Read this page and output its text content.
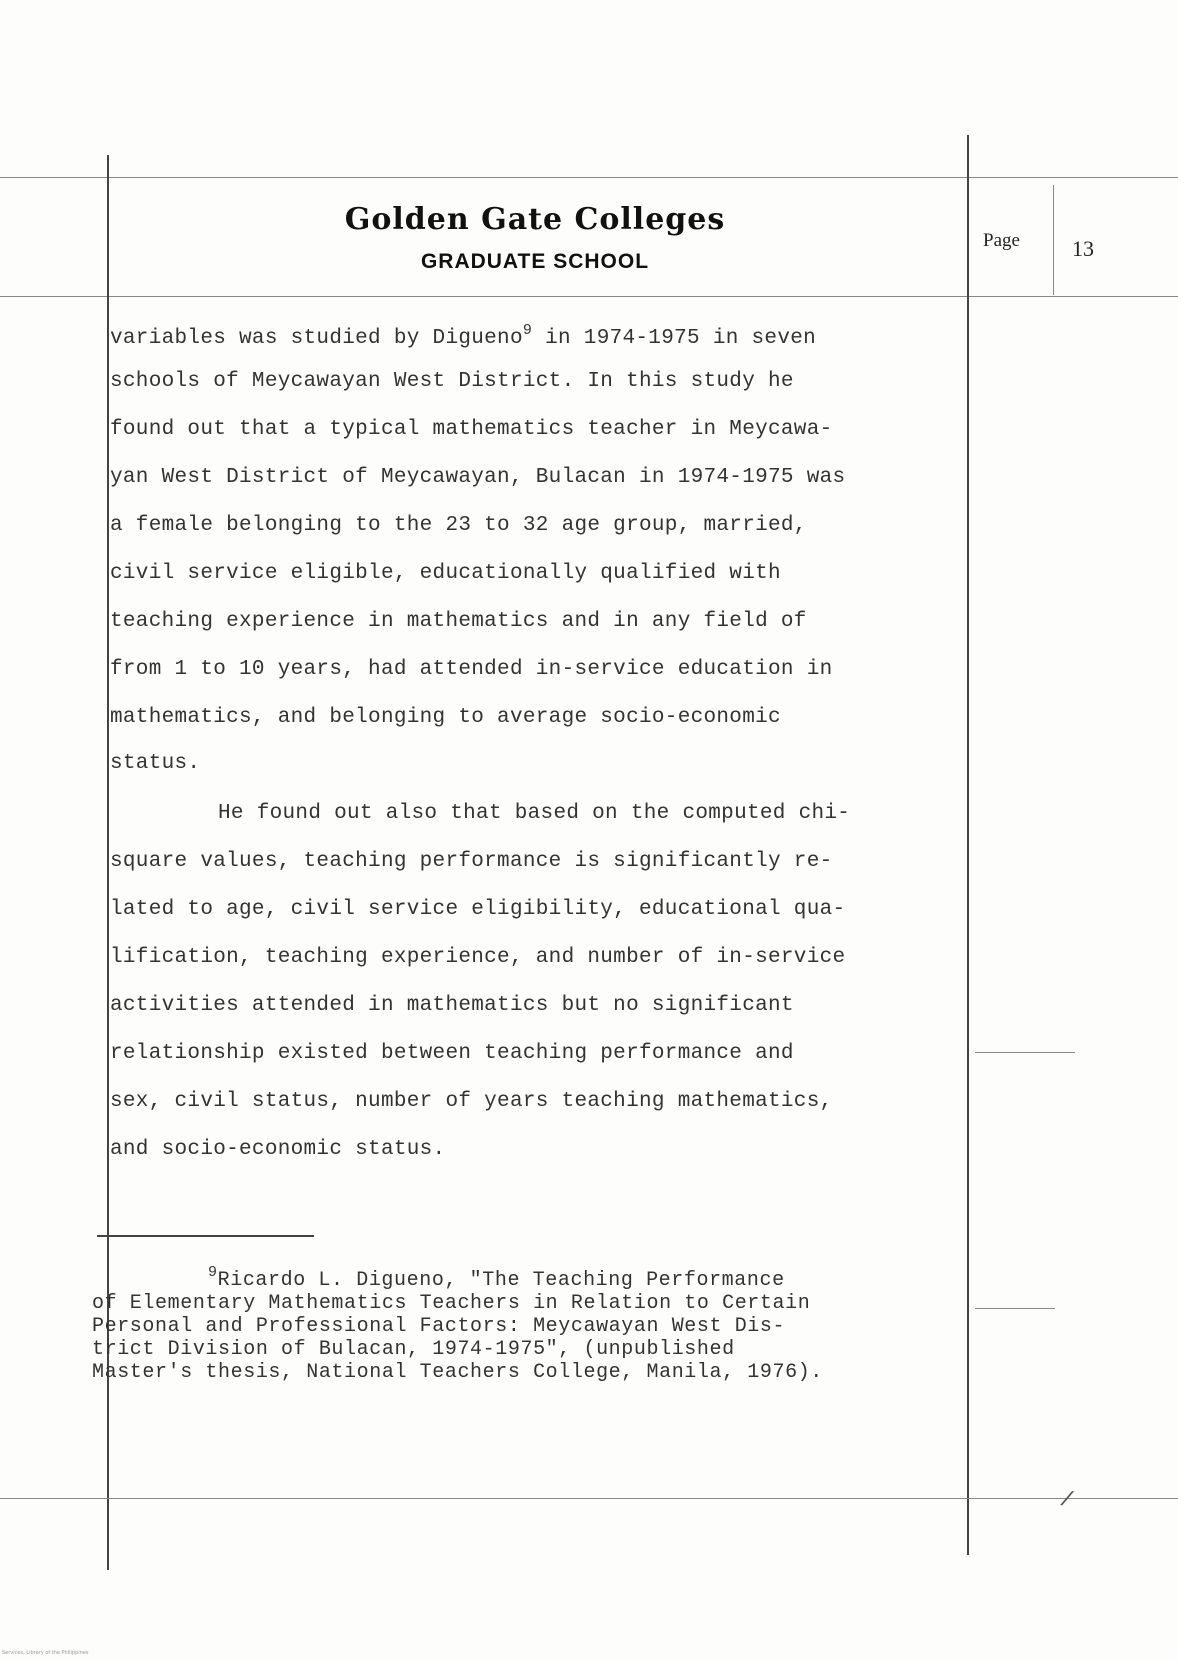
Golden Gate Colleges
GRADUATE SCHOOL
Page 13
variables was studied by Digueno$^9$ in 1974-1975 in seven
schools of Meycawayan West District. In this study he
found out that a typical mathematics teacher in Meycawa-
yan West District of Meycawayan, Bulacan in 1974-1975 was
a female belonging to the 23 to 32 age group, married,
civil service eligible, educationally qualified with
teaching experience in mathematics and in any field of
from 1 to 10 years, had attended in-service education in
mathematics, and belonging to average socio-economic
status.
He found out also that based on the computed chi-
square values, teaching performance is significantly re-
lated to age, civil service eligibility, educational qua-
lification, teaching experience, and number of in-service
activities attended in mathematics but no significant
relationship existed between teaching performance and
sex, civil status, number of years teaching mathematics,
and socio-economic status.
$^9$Ricardo L. Digueno, "The Teaching Performance
of Elementary Mathematics Teachers in Relation to Certain
Personal and Professional Factors: Meycawayan West Dis-
trict Division of Bulacan, 1974-1975", (unpublished
Master's thesis, National Teachers College, Manila, 1976).
/
Services, Library of the Philippines
